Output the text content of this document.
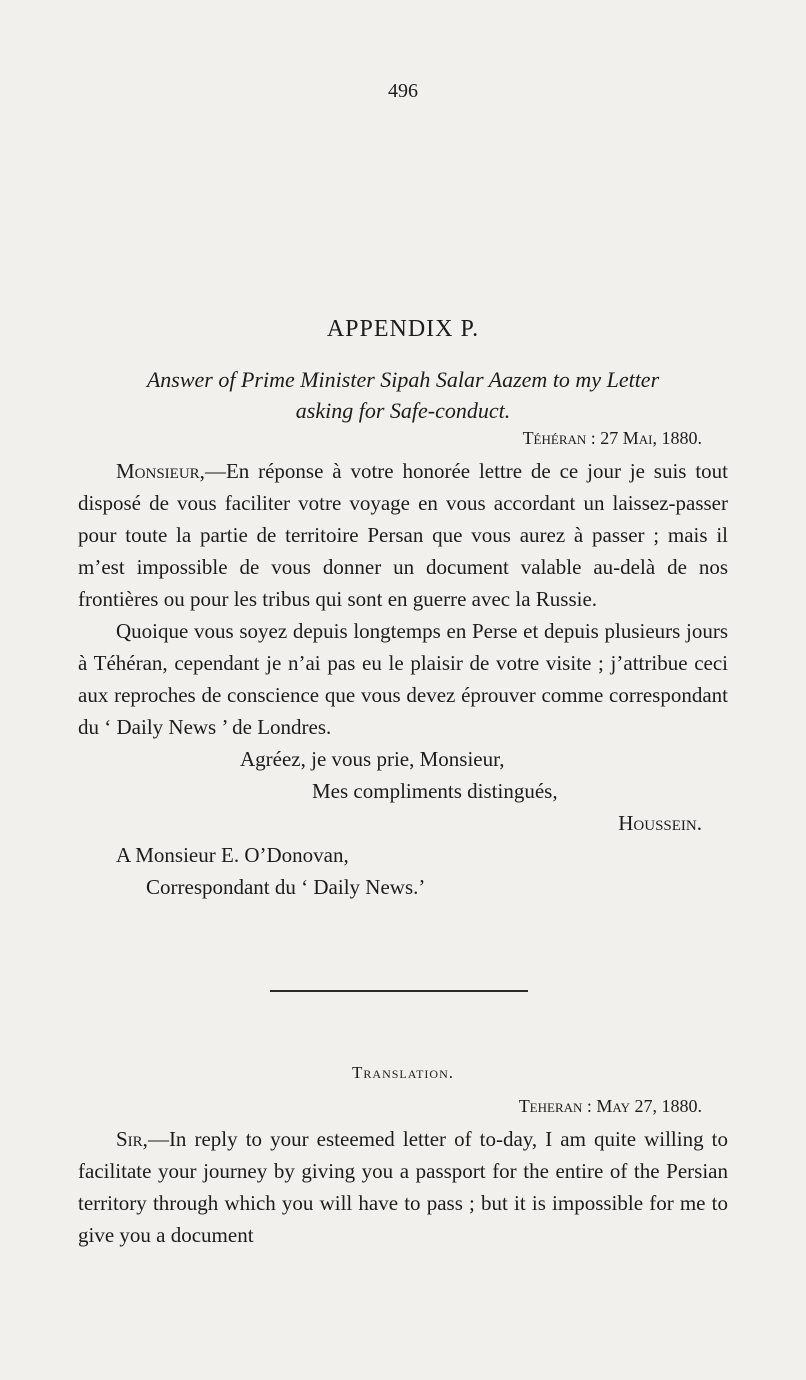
496
APPENDIX P.
Answer of Prime Minister Sipah Salar Aazem to my Letter
asking for Safe-conduct.
Téhéran : 27 Mai, 1880.
Monsieur,—En réponse à votre honorée lettre de ce jour je suis tout disposé de vous faciliter votre voyage en vous accordant un laissez-passer pour toute la partie de territoire Persan que vous aurez à passer ; mais il m’est impossible de vous donner un document valable au-delà de nos frontières ou pour les tribus qui sont en guerre avec la Russie.
Quoique vous soyez depuis longtemps en Perse et depuis plusieurs jours à Téhéran, cependant je n’ai pas eu le plaisir de votre visite ; j’attribue ceci aux reproches de conscience que vous devez éprouver comme correspondant du ‘ Daily News ’ de Londres.
Agréez, je vous prie, Monsieur,
Mes compliments distingués,
Houssein.
A Monsieur E. O’Donovan,
Correspondant du ‘ Daily News.’
Translation.
Teheran : May 27, 1880.
Sir,—In reply to your esteemed letter of to-day, I am quite willing to facilitate your journey by giving you a passport for the entire of the Persian territory through which you will have to pass ; but it is impossible for me to give you a document
